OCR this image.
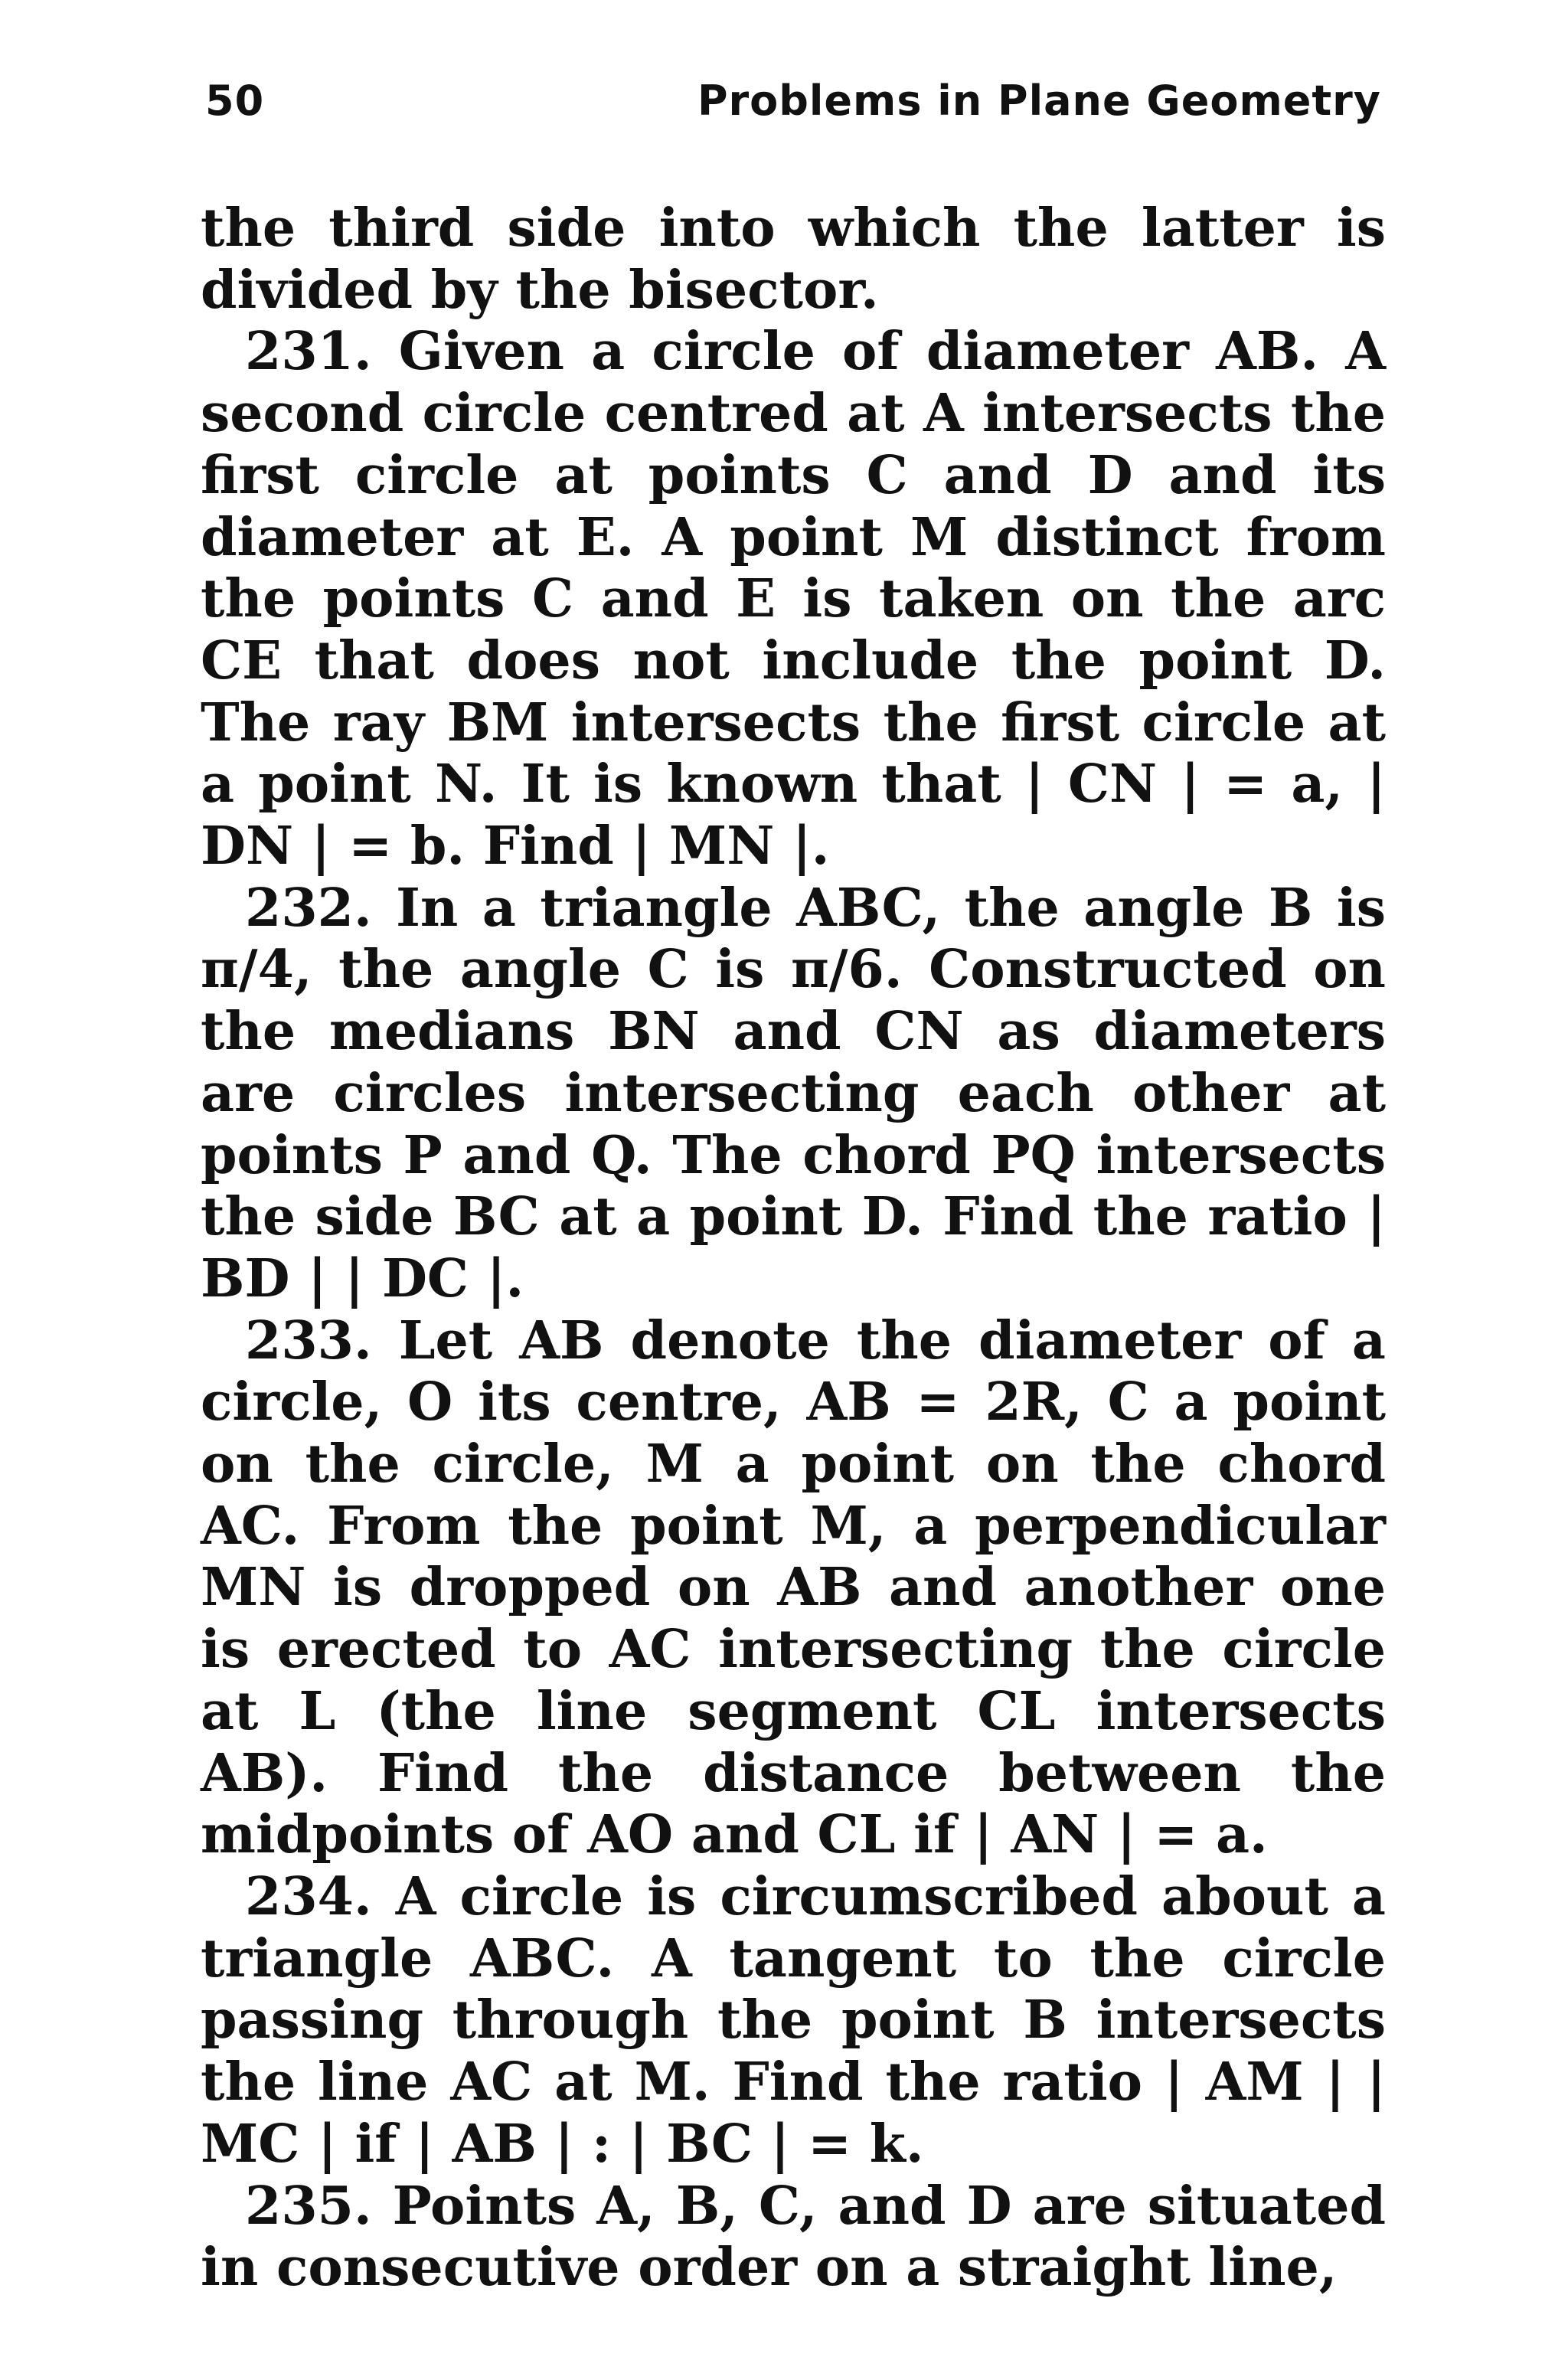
50	Problems in Plane Geometry

the third side into which the latter is divided by the bisector.

231. Given a circle of diameter AB. A second circle centred at A intersects the first circle at points C and D and its diameter at E. A point M distinct from the points C and E is taken on the arc CE that does not include the point D. The ray BM intersects the first circle at a point N. It is known that | CN | = a, | DN | = b. Find | MN |.

232. In a triangle ABC, the angle B is π/4, the angle C is π/6. Constructed on the medians BN and CN as diameters are circles intersecting each other at points P and Q. The chord PQ intersects the side BC at a point D. Find the ratio | BD | | DC |.

233. Let AB denote the diameter of a circle, O its centre, AB = 2R, C a point on the circle, M a point on the chord AC. From the point M, a perpendicular MN is dropped on AB and another one is erected to AC intersecting the circle at L (the line segment CL intersects AB). Find the distance between the midpoints of AO and CL if | AN | = a.

234. A circle is circumscribed about a triangle ABC. A tangent to the circle passing through the point B intersects the line AC at M. Find the ratio | AM | | MC | if | AB | : | BC | = k.

235. Points A, B, C, and D are situated in consecutive order on a straight line,
